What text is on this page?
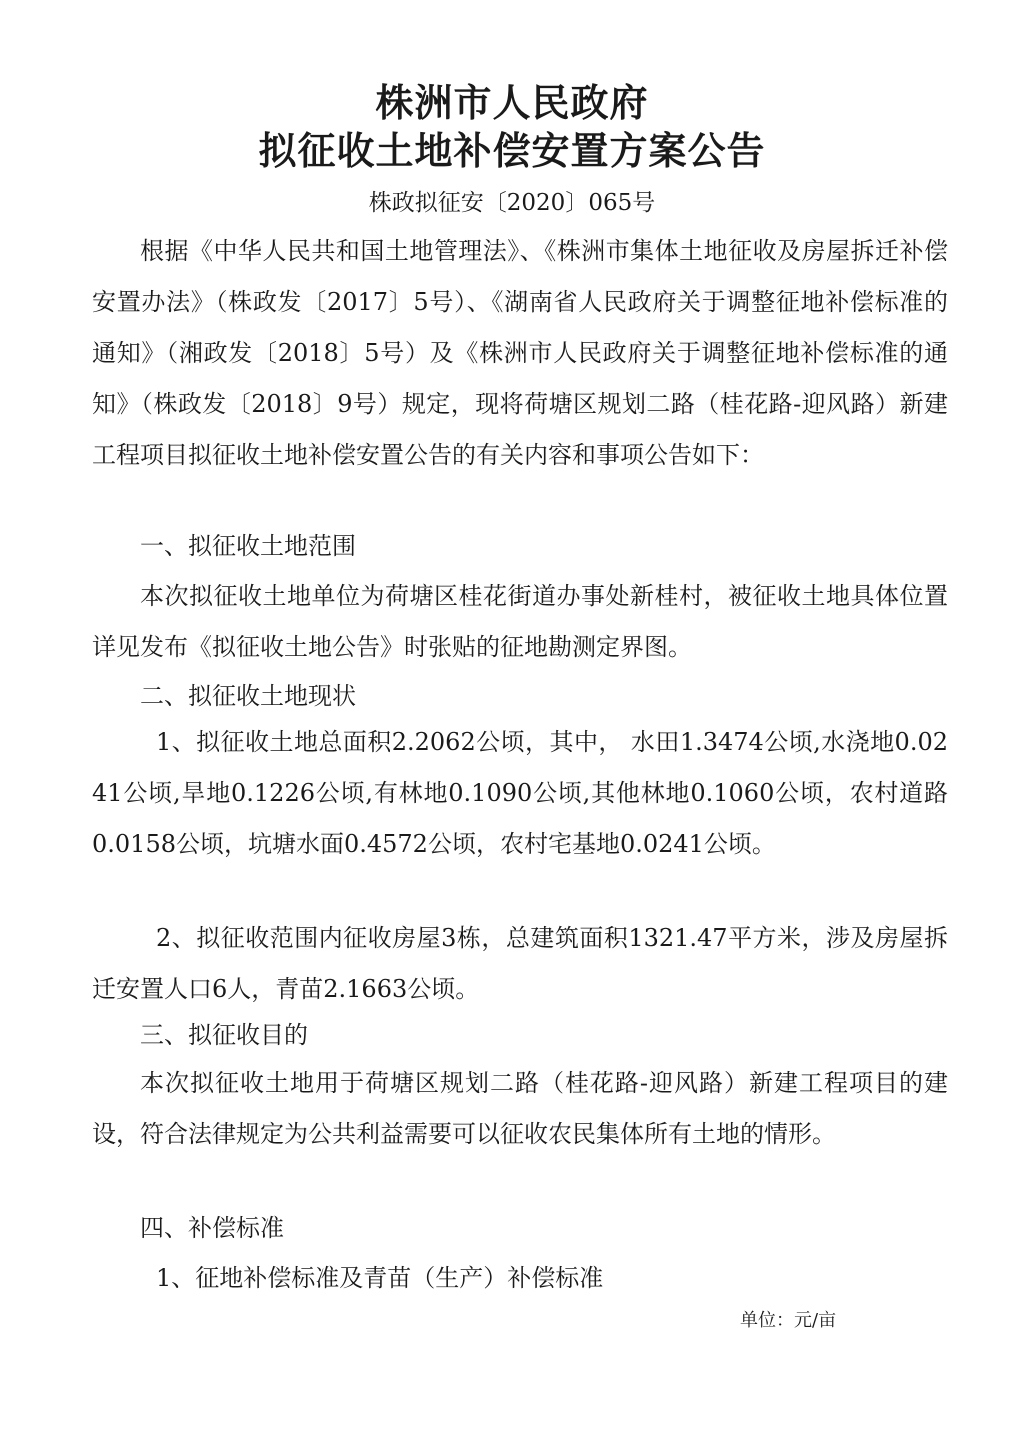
株洲市人民政府
拟征收土地补偿安置方案公告
株政拟征安〔2020〕065号

根据《中华人民共和国土地管理法》、《株洲市集体土地征收及房屋拆迁补偿安置办法》（株政发〔2017〕5号）、《湖南省人民政府关于调整征地补偿标准的通知》（湘政发〔2018〕5号）及《株洲市人民政府关于调整征地补偿标准的通知》（株政发〔2018〕9号）规定，现将荷塘区规划二路（桂花路-迎风路）新建工程项目拟征收土地补偿安置公告的有关内容和事项公告如下：

一、拟征收土地范围

本次拟征收土地单位为荷塘区桂花街道办事处新桂村，被征收土地具体位置详见发布《拟征收土地公告》时张贴的征地勘测定界图。

二、拟征收土地现状

1、拟征收土地总面积2.2062公顷，其中， 水田1.3474公顷,水浇地0.0241公顷,旱地0.1226公顷,有林地0.1090公顷,其他林地0.1060公顷，农村道路0.0158公顷，坑塘水面0.4572公顷，农村宅基地0.0241公顷。

2、拟征收范围内征收房屋3栋，总建筑面积1321.47平方米，涉及房屋拆迁安置人口6人，青苗2.1663公顷。

三、拟征收目的

本次拟征收土地用于荷塘区规划二路（桂花路-迎风路）新建工程项目的建设，符合法律规定为公共利益需要可以征收农民集体所有土地的情形。

四、补偿标准

1、征地补偿标准及青苗（生产）补偿标准

单位：元/亩
